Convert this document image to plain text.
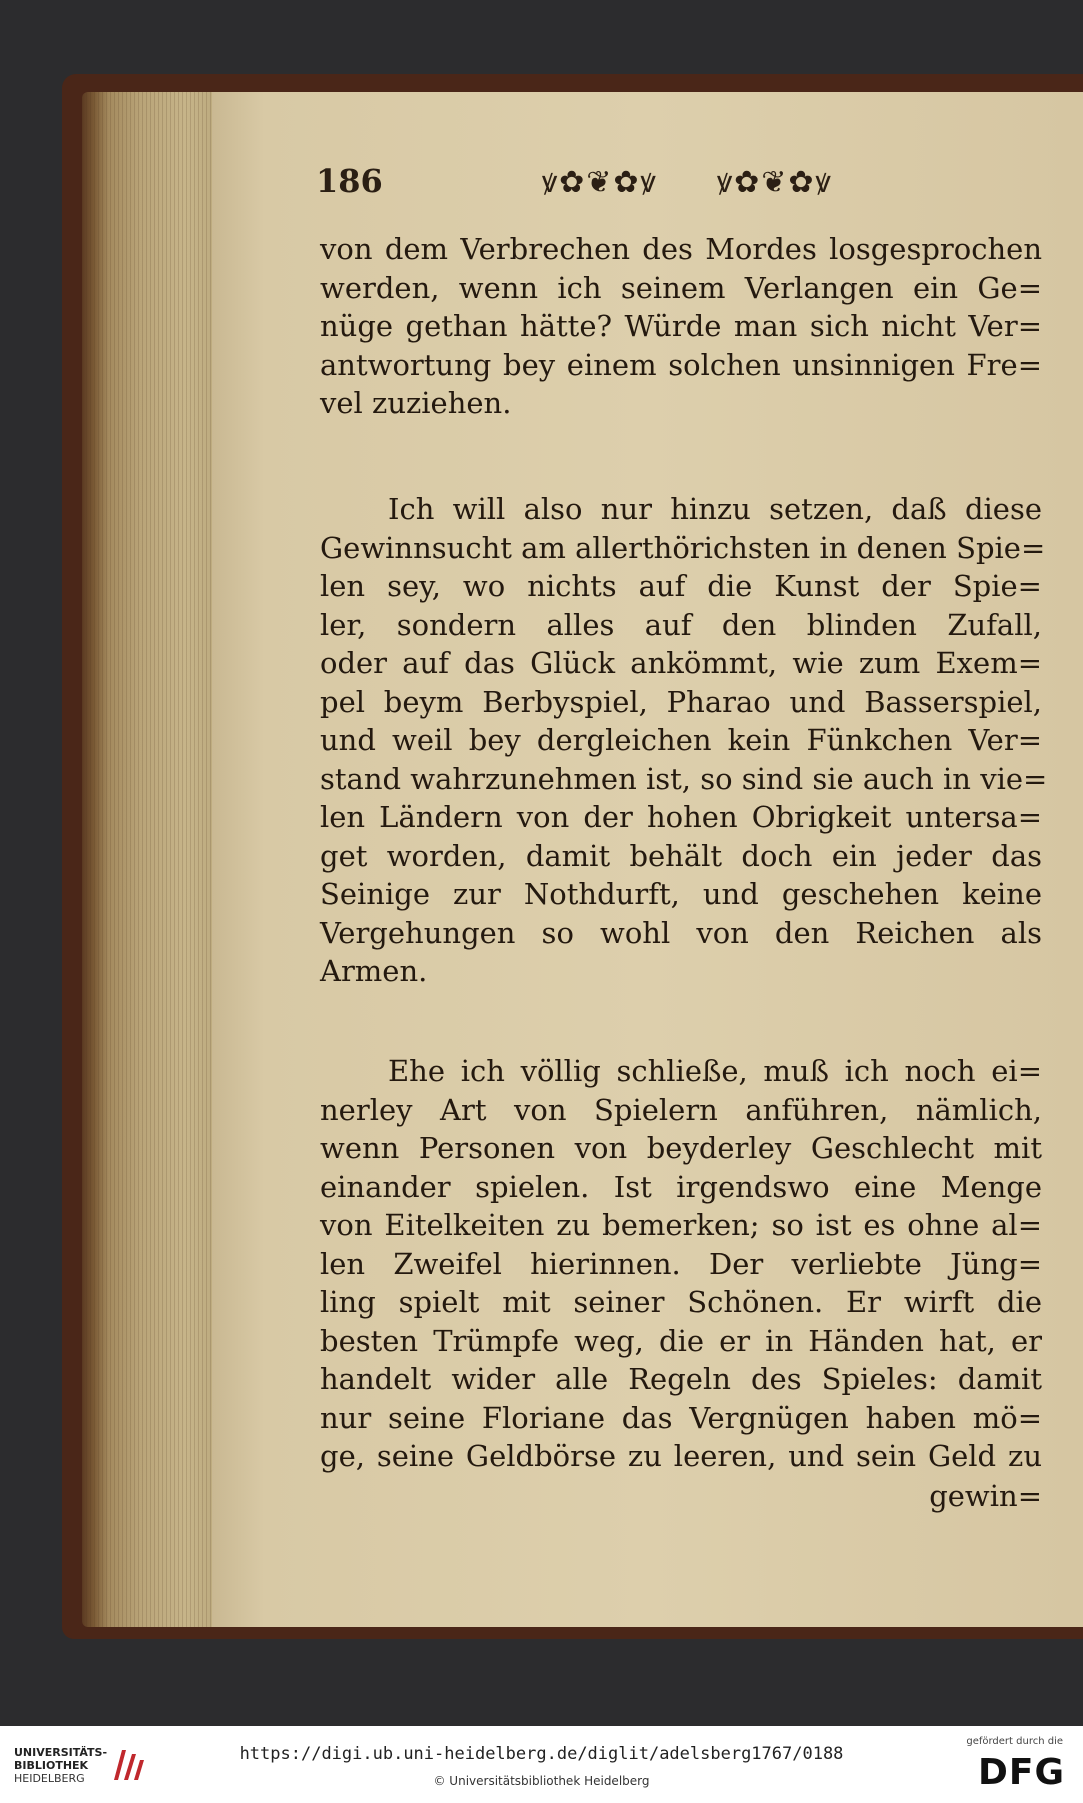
186	ꝟ✿❦✿ꝟ ꝟ✿❦✿ꝟ
von dem Verbrechen des Mordes losgesprochen
werden, wenn ich seinem Verlangen ein Ge=
nüge gethan hätte? Würde man sich nicht Ver=
antwortung bey einem solchen unsinnigen Fre=
vel zuziehen.
Ich will also nur hinzu setzen, daß diese
Gewinnsucht am allerthörichsten in denen Spie=
len sey, wo nichts auf die Kunst der Spie=
ler, sondern alles auf den blinden Zufall,
oder auf das Glück ankömmt, wie zum Exem=
pel beym Berbyspiel, Pharao und Basserspiel,
und weil bey dergleichen kein Fünkchen Ver=
stand wahrzunehmen ist, so sind sie auch in vie=
len Ländern von der hohen Obrigkeit untersa=
get worden, damit behält doch ein jeder das
Seinige zur Nothdurft, und geschehen keine
Vergehungen so wohl von den Reichen als
Armen.
Ehe ich völlig schließe, muß ich noch ei=
nerley Art von Spielern anführen, nämlich,
wenn Personen von beyderley Geschlecht mit
einander spielen. Ist irgendswo eine Menge
von Eitelkeiten zu bemerken; so ist es ohne al=
len Zweifel hierinnen. Der verliebte Jüng=
ling spielt mit seiner Schönen. Er wirft die
besten Trümpfe weg, die er in Händen hat, er
handelt wider alle Regeln des Spieles: damit
nur seine Floriane das Vergnügen haben mö=
ge, seine Geldbörse zu leeren, und sein Geld zu
gewin=
UNIVERSITÄTS-
BIBLIOTHEK
HEIDELBERG
https://digi.ub.uni-heidelberg.de/diglit/adelsberg1767/0188
© Universitätsbibliothek Heidelberg
gefördert durch die
DFG
